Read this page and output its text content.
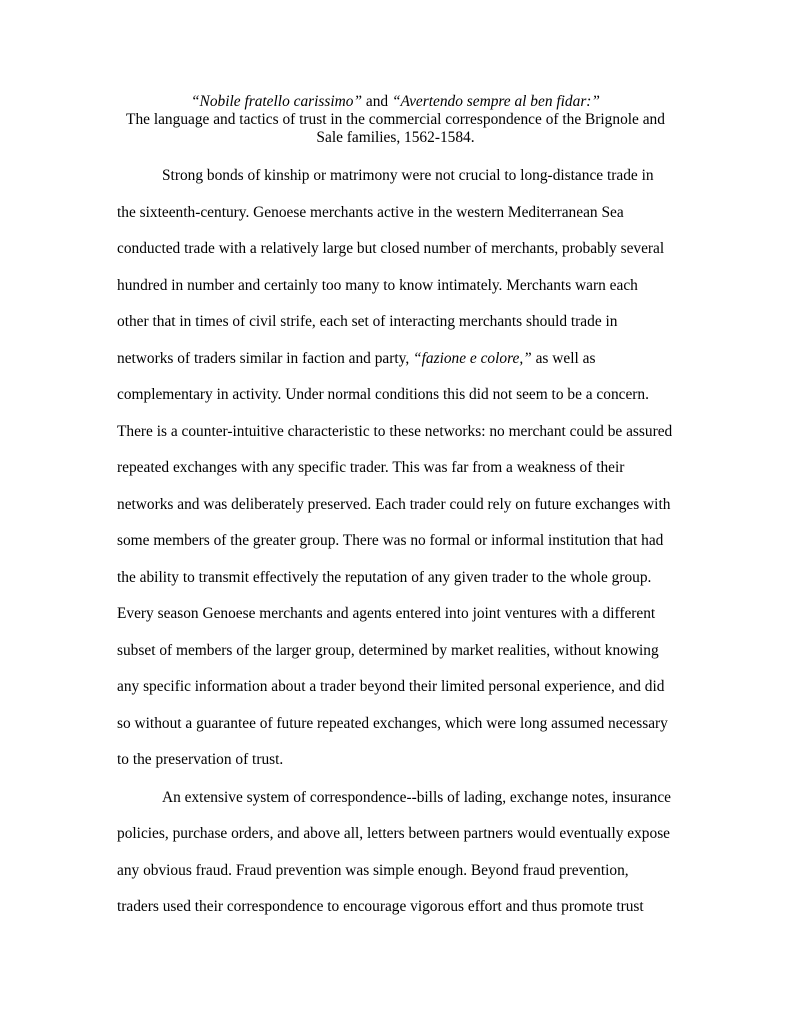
“Nobile fratello carissimo” and “Avertendo sempre al ben fidar:”
The language and tactics of trust in the commercial correspondence of the Brignole and
Sale families, 1562-1584.
Strong bonds of kinship or matrimony were not crucial to long-distance trade in
the sixteenth-century. Genoese merchants active in the western Mediterranean Sea
conducted trade with a relatively large but closed number of merchants, probably several
hundred in number and certainly too many to know intimately. Merchants warn each
other that in times of civil strife, each set of interacting merchants should trade in
networks of traders similar in faction and party, “fazione e colore,” as well as
complementary in activity. Under normal conditions this did not seem to be a concern.
There is a counter-intuitive characteristic to these networks: no merchant could be assured
repeated exchanges with any specific trader. This was far from a weakness of their
networks and was deliberately preserved. Each trader could rely on future exchanges with
some members of the greater group. There was no formal or informal institution that had
the ability to transmit effectively the reputation of any given trader to the whole group.
Every season Genoese merchants and agents entered into joint ventures with a different
subset of members of the larger group, determined by market realities, without knowing
any specific information about a trader beyond their limited personal experience, and did
so without a guarantee of future repeated exchanges, which were long assumed necessary
to the preservation of trust.
An extensive system of correspondence--bills of lading, exchange notes, insurance
policies, purchase orders, and above all, letters between partners would eventually expose
any obvious fraud. Fraud prevention was simple enough. Beyond fraud prevention,
traders used their correspondence to encourage vigorous effort and thus promote trust
